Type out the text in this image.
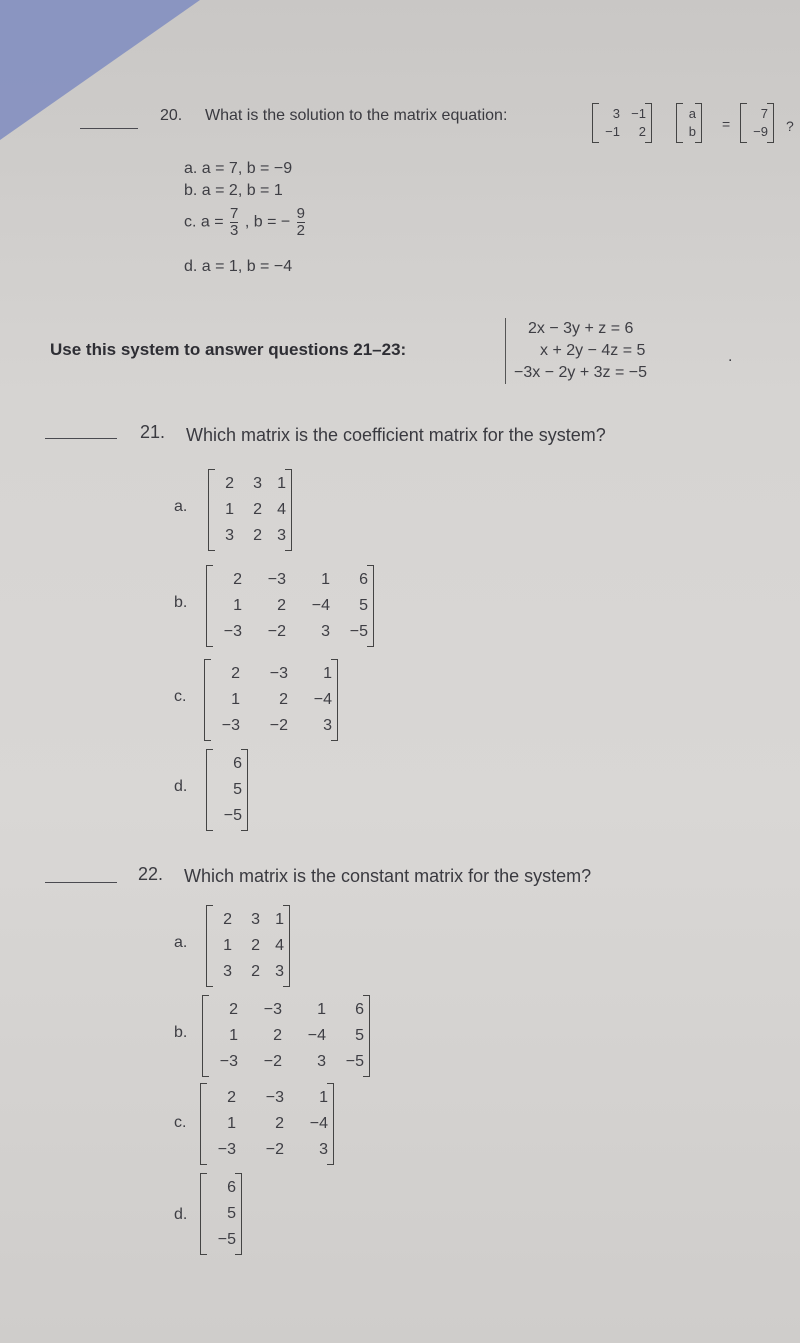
20. What is the solution to the matrix equation:	3 −1
−1	2
a
b =
7
−9 ?
a. a = 7, b = −9
b. a = 2, b = 1
c. $a = \frac{7}{3}$ , b = − $\frac{9}{2}$
d. a = 1, b = −4
Use this system to answer questions 21–23:
2x − 3y + z = 6
x + 2y − 4z = 5
−3x − 2y + 3z = −5
.
21. Which matrix is the coefficient matrix for the system?
a.
2	3 1
1	2 4
3	2 3
b.
2	−3	1	6
1	2	−4	5
−3	−2	3	−5
c.
2	−3	1
1	2	−4
−3	−2	3
d.
6
5
−5
22. Which matrix is the constant matrix for the system?
a.
2	3 1
1	2 4
3	2 3
b.
2	−3	1	6
1	2	−4	5
−3	−2	3	−5
c.
2	−3	1
1	2	−4
−3	−2	3
d.
6
5
−5
